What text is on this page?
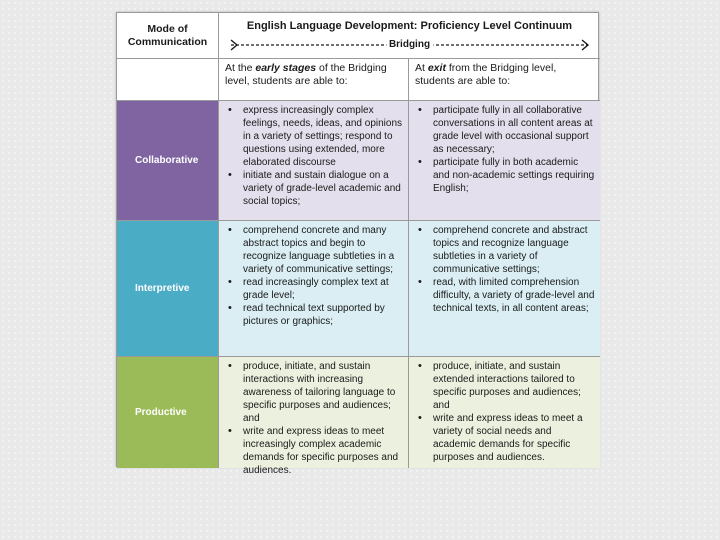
Mode of Communication
English Language Development: Proficiency Level Continuum
Bridging
At the early stages of the Bridging level, students are able to:
At exit from the Bridging level, students are able to:
Collaborative
• express increasingly complex feelings, needs, ideas, and opinions in a variety of settings; respond to questions using extended, more elaborated discourse
• initiate and sustain dialogue on a variety of grade-level academic and social topics;
• participate fully in all collaborative conversations in all content areas at grade level with occasional support as necessary;
• participate fully in both academic and non-academic settings requiring English;
Interpretive
• comprehend concrete and many abstract topics and begin to recognize language subtleties in a variety of communicative settings;
• read increasingly complex text at grade level;
• read technical text supported by pictures or graphics;
• comprehend concrete and abstract topics and recognize language subtleties in a variety of communicative settings;
• read, with limited comprehension difficulty, a variety of grade-level and technical texts, in all content areas;
Productive
• produce, initiate, and sustain interactions with increasing awareness of tailoring language to specific purposes and audiences; and
• write and express ideas to meet increasingly complex academic demands for specific purposes and audiences.
• produce, initiate, and sustain extended interactions tailored to specific purposes and audiences; and
• write and express ideas to meet a variety of social needs and academic demands for specific purposes and audiences.
